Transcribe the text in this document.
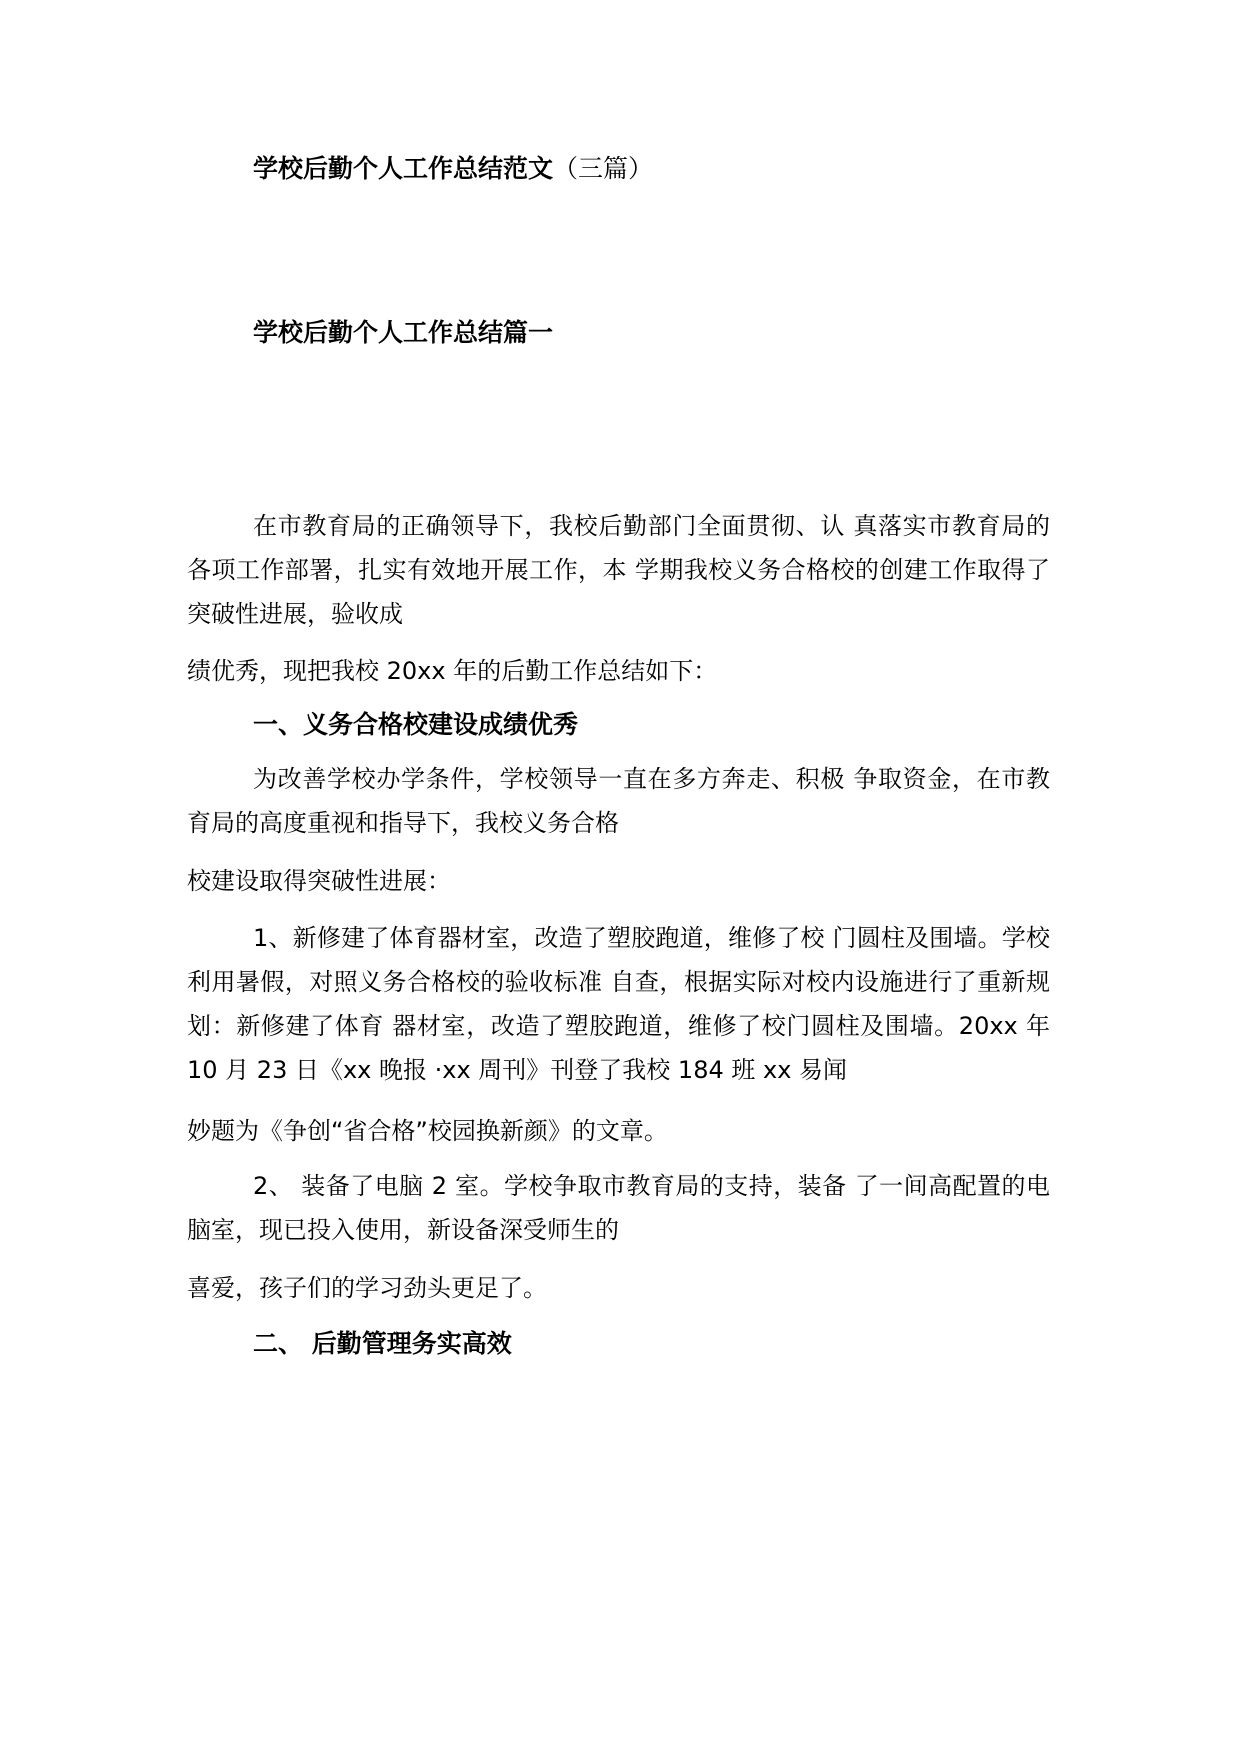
学校后勤个人工作总结范文（三篇）
学校后勤个人工作总结篇一

在市教育局的正确领导下，我校后勤部门全面贯彻、认 真落实市教育局的各项工作部署，扎实有效地开展工作，本 学期我校义务合格校的创建工作取得了突破性进展，验收成

绩优秀，现把我校 20xx 年的后勤工作总结如下：

一、义务合格校建设成绩优秀

为改善学校办学条件，学校领导一直在多方奔走、积极 争取资金，在市教育局的高度重视和指导下，我校义务合格

校建设取得突破性进展：

1、新修建了体育器材室，改造了塑胶跑道，维修了校 门圆柱及围墙。学校利用暑假，对照义务合格校的验收标准 自查，根据实际对校内设施进行了重新规划：新修建了体育 器材室，改造了塑胶跑道，维修了校门圆柱及围墙。20xx 年 10 月 23 日《xx 晚报 ·xx 周刊》刊登了我校 184 班 xx 易闻

妙题为《争创“省合格”校园换新颜》的文章。

2、 装备了电脑 2 室。学校争取市教育局的支持，装备 了一间高配置的电脑室，现已投入使用，新设备深受师生的

喜爱，孩子们的学习劲头更足了。

二、 后勤管理务实高效
